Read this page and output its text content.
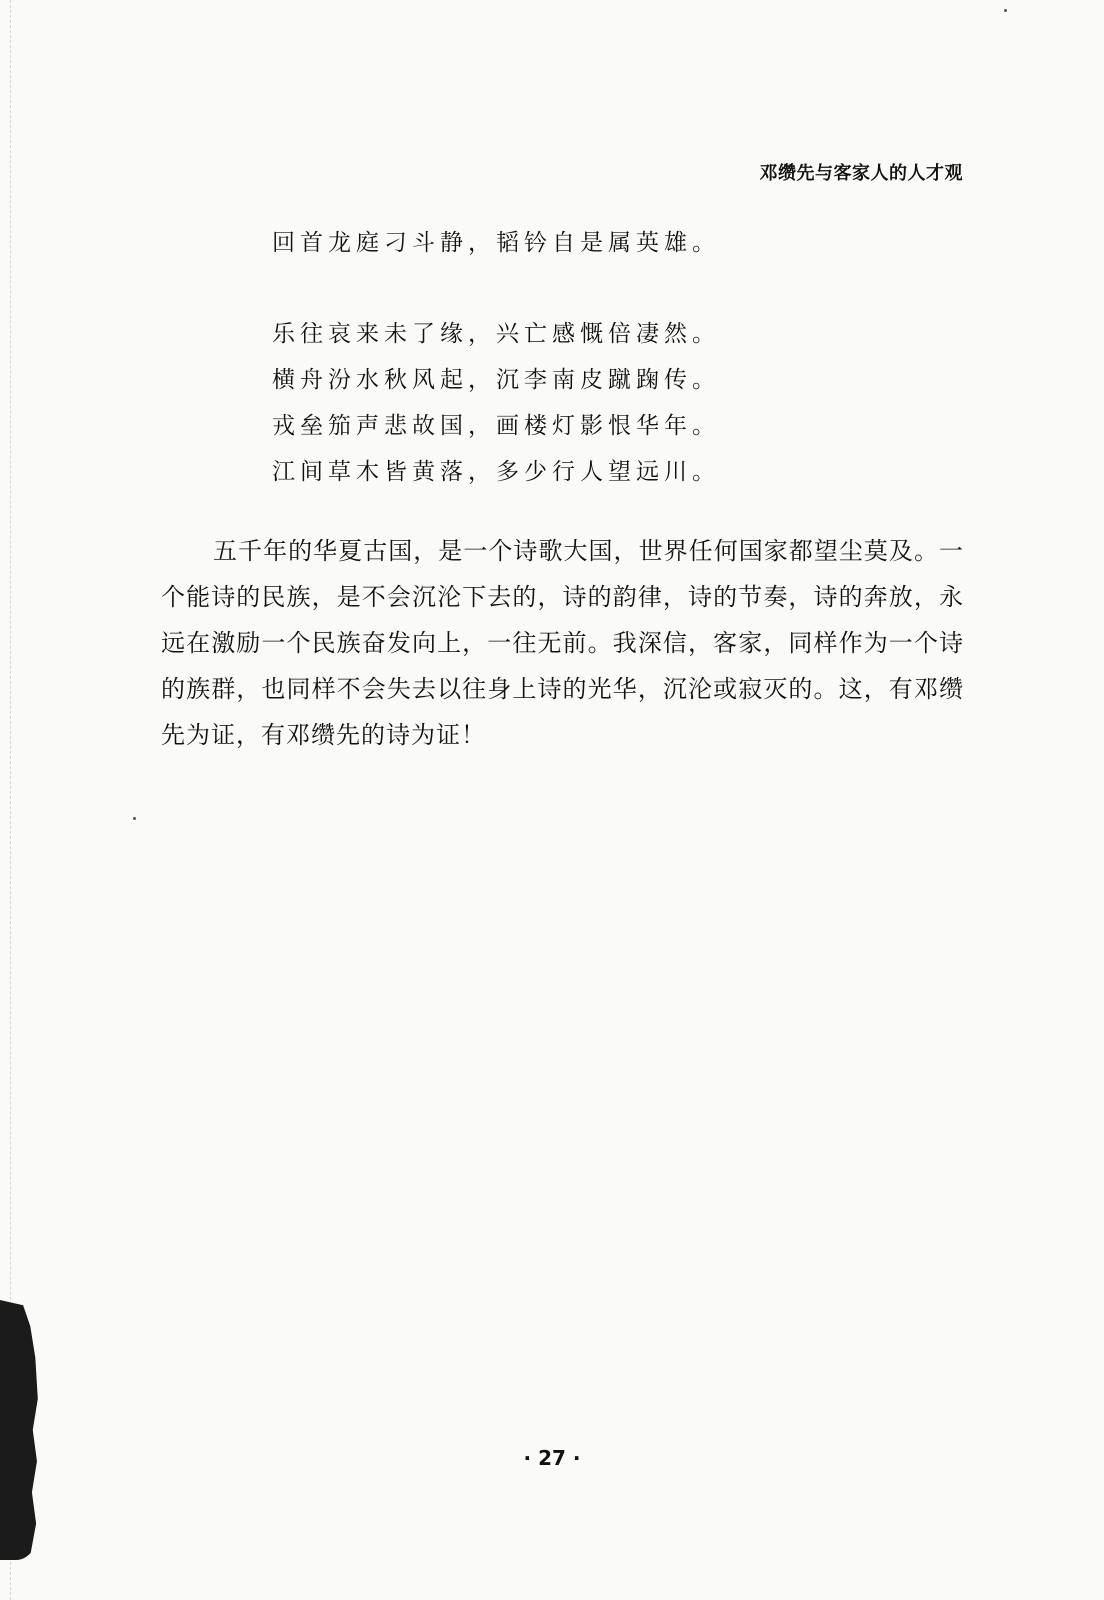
邓缵先与客家人的人才观
回首龙庭刁斗静，韬钤自是属英雄。
乐往哀来未了缘，兴亡感慨倍凄然。
横舟汾水秋风起，沉李南皮蹴踘传。
戎垒笳声悲故国，画楼灯影恨华年。
江间草木皆黄落，多少行人望远川。
五千年的华夏古国，是一个诗歌大国，世界任何国家都望尘莫及。一个能诗的民族，是不会沉沦下去的，诗的韵律，诗的节奏，诗的奔放，永远在激励一个民族奋发向上，一往无前。我深信，客家，同样作为一个诗的族群，也同样不会失去以往身上诗的光华，沉沦或寂灭的。这，有邓缵先为证，有邓缵先的诗为证！
· 27 ·
